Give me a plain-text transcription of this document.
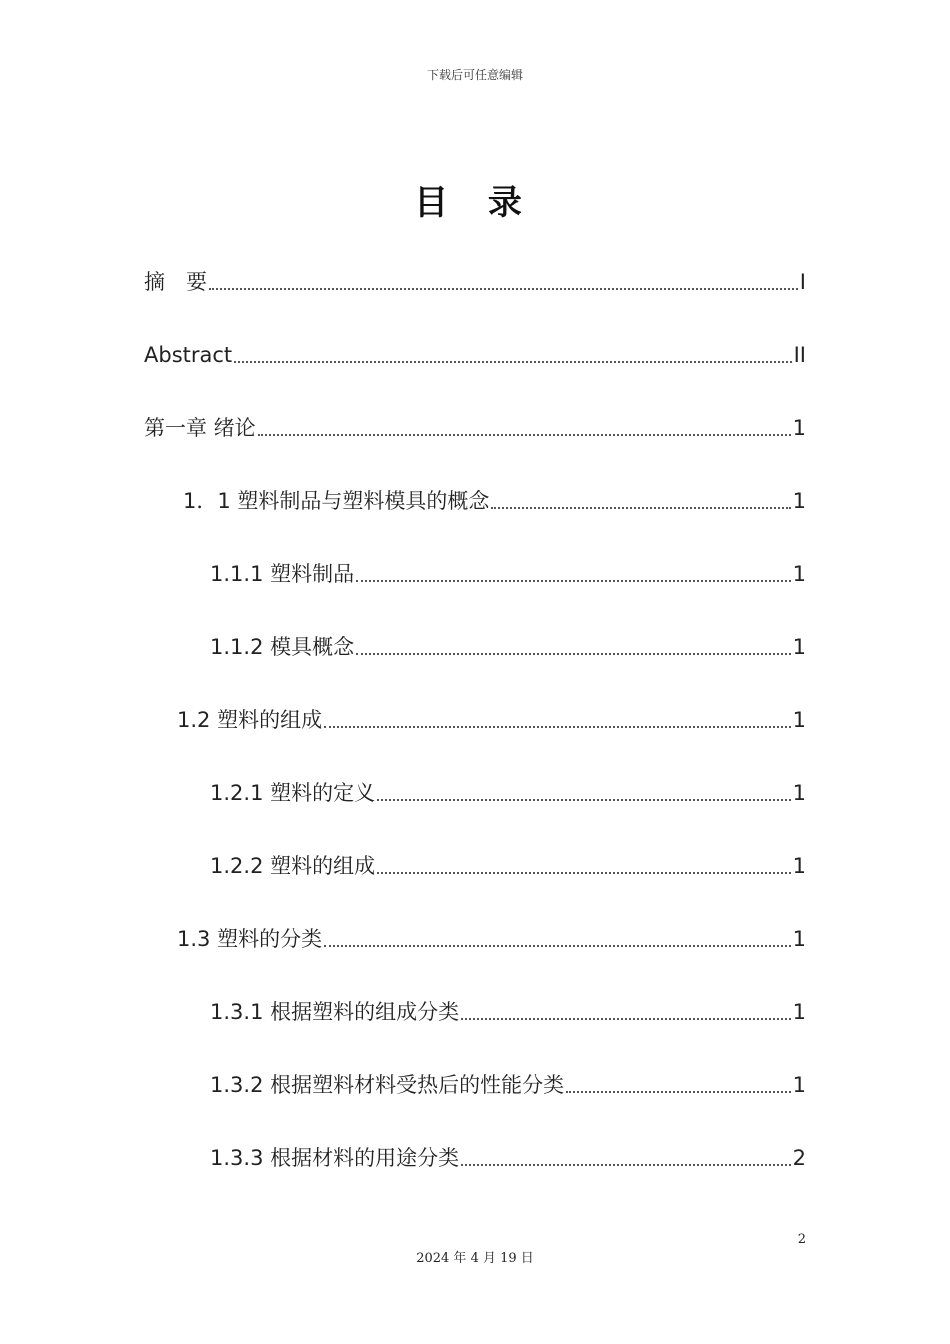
下载后可任意编辑
目 录
摘　要	I
Abstract	II
第一章 绪论	1
1．1 塑料制品与塑料模具的概念	1
1.1.1 塑料制品	1
1.1.2 模具概念	1
1.2 塑料的组成	1
1.2.1 塑料的定义	1
1.2.2 塑料的组成	1
1.3 塑料的分类	1
1.3.1 根据塑料的组成分类	1
1.3.2 根据塑料材料受热后的性能分类	1
1.3.3 根据材料的用途分类	2
2
2024 年 4 月 19 日
